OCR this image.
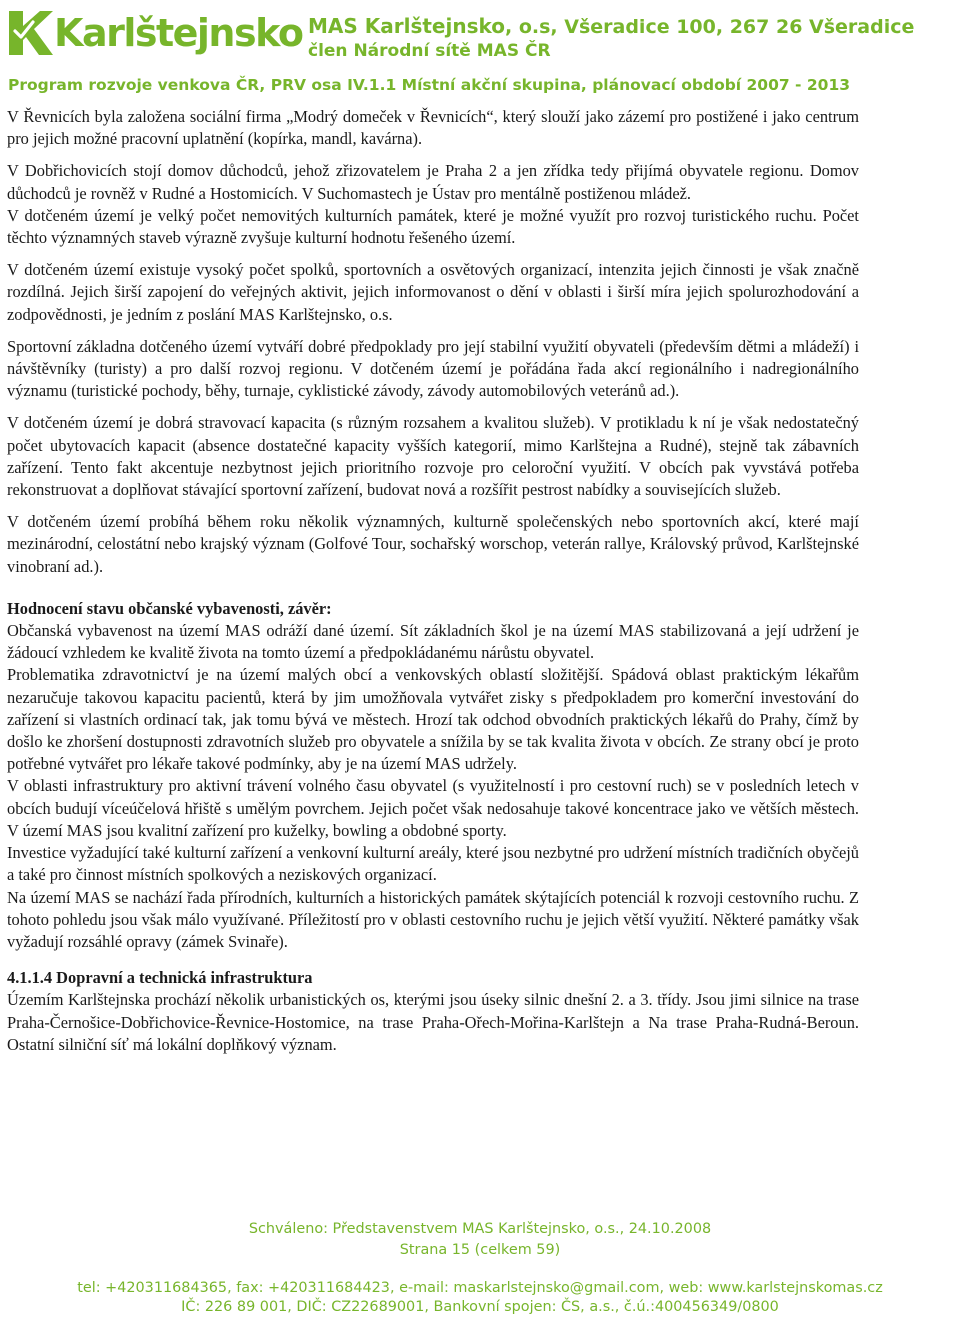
Karlštejnsko MAS Karlštejnsko, o.s, Všeradice 100, 267 26 Všeradice
člen Národní sítě MAS ČR
Program rozvoje venkova ČR, PRV osa IV.1.1 Místní akční skupina, plánovací období 2007 - 2013

V Řevnicích byla založena sociální firma „Modrý domeček v Řevnicích“, který slouží jako zázemí pro postižené i jako centrum pro jejich možné pracovní uplatnění (kopírka, mandl, kavárna).

V Dobřichovicích stojí domov důchodců, jehož zřizovatelem je Praha 2 a jen zřídka tedy přijímá obyvatele regionu. Domov důchodců je rovněž v Rudné a Hostomicích. V Suchomastech je Ústav pro mentálně postiženou mládež.

V dotčeném území je velký počet nemovitých kulturních památek, které je možné využít pro rozvoj turistického ruchu. Počet těchto významných staveb výrazně zvyšuje kulturní hodnotu řešeného území.

V dotčeném území existuje vysoký počet spolků, sportovních a osvětových organizací, intenzita jejich činnosti je však značně rozdílná. Jejich širší zapojení do veřejných aktivit, jejich informovanost o dění v oblasti i širší míra jejich spolurozhodování a zodpovědnosti, je jedním z poslání MAS Karlštejnsko, o.s.

Sportovní základna dotčeného území vytváří dobré předpoklady pro její stabilní využití obyvateli (především dětmi a mládeží) i návštěvníky (turisty) a pro další rozvoj regionu. V dotčeném území je pořádána řada akcí regionálního i nadregionálního významu (turistické pochody, běhy, turnaje, cyklistické závody, závody automobilových veteránů ad.).

V dotčeném území je dobrá stravovací kapacita (s různým rozsahem a kvalitou služeb). V protikladu k ní je však nedostatečný počet ubytovacích kapacit (absence dostatečné kapacity vyšších kategorií, mimo Karlštejna a Rudné), stejně tak zábavních zařízení. Tento fakt akcentuje nezbytnost jejich prioritního rozvoje pro celoroční využití. V obcích pak vyvstává potřeba rekonstruovat a doplňovat stávající sportovní zařízení, budovat nová a rozšířit pestrost nabídky a souvisejících služeb.

V dotčeném území probíhá během roku několik významných, kulturně společenských nebo sportovních akcí, které mají mezinárodní, celostátní nebo krajský význam (Golfové Tour, sochařský worschop, veterán rallye, Královský průvod, Karlštejnské vinobraní ad.).

Hodnocení stavu občanské vybavenosti, závěr:

Občanská vybavenost na území MAS odráží dané území. Sít základních škol je na území MAS stabilizovaná a její udržení je žádoucí vzhledem ke kvalitě života na tomto území a předpokládanému nárůstu obyvatel.

Problematika zdravotnictví je na území malých obcí a venkovských oblastí složitější. Spádová oblast praktickým lékařům nezaručuje takovou kapacitu pacientů, která by jim umožňovala vytvářet zisky s předpokladem pro komerční investování do zařízení si vlastních ordinací tak, jak tomu bývá ve městech. Hrozí tak odchod obvodních praktických lékařů do Prahy, čímž by došlo ke zhoršení dostupnosti zdravotních služeb pro obyvatele a snížila by se tak kvalita života v obcích. Ze strany obcí je proto potřebné vytvářet pro lékaře takové podmínky, aby je na území MAS udržely.

V oblasti infrastruktury pro aktivní trávení volného času obyvatel (s využitelností i pro cestovní ruch) se v posledních letech v obcích budují víceúčelová hřiště s umělým povrchem. Jejich počet však nedosahuje takové koncentrace jako ve větších městech. V území MAS jsou kvalitní zařízení pro kuželky, bowling a obdobné sporty.

Investice vyžadující také kulturní zařízení a venkovní kulturní areály, které jsou nezbytné pro udržení místních tradičních obyčejů a také pro činnost místních spolkových a neziskových organizací.

Na území MAS se nachází řada přírodních, kulturních a historických památek skýtajících potenciál k rozvoji cestovního ruchu. Z tohoto pohledu jsou však málo využívané. Příležitostí pro v oblasti cestovního ruchu je jejich větší využití. Některé památky však vyžadují rozsáhlé opravy (zámek Svinaře).

4.1.1.4 Dopravní a technická infrastruktura

Územím Karlštejnska prochází několik urbanistických os, kterými jsou úseky silnic dnešní 2. a 3. třídy. Jsou jimi silnice na trase Praha-Černošice-Dobřichovice-Řevnice-Hostomice, na trase Praha-Ořech-Mořina-Karlštejn a Na trase Praha-Rudná-Beroun. Ostatní silniční síť má lokální doplňkový význam.

Schváleno: Představenstvem MAS Karlštejnsko, o.s., 24.10.2008
Strana 15 (celkem 59)
tel: +420311684365, fax: +420311684423, e-mail: maskarlstejnsko@gmail.com, web: www.karlstejnskomas.cz
IČ: 226 89 001, DIČ: CZ22689001, Bankovní spojen: ČS, a.s., č.ú.:400456349/0800
